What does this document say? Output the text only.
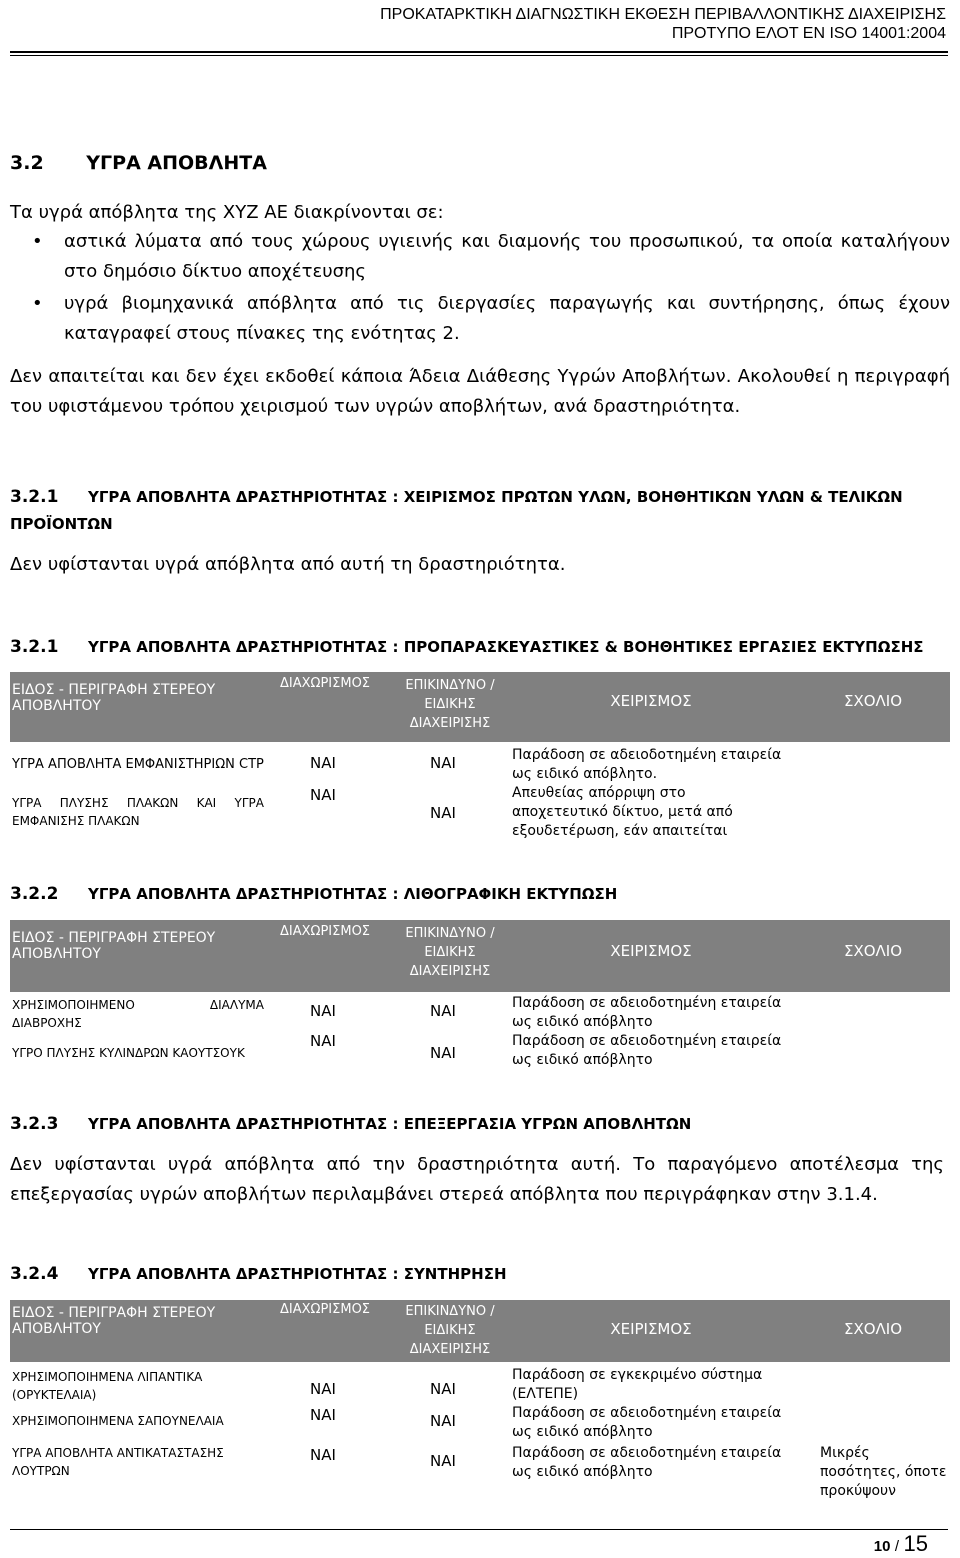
ΠΡΟΚΑΤΑΡΚΤΙΚΗ ΔΙΑΓΝΩΣΤΙΚΗ ΕΚΘΕΣΗ ΠΕΡΙΒΑΛΛΟΝΤΙΚΗΣ ΔΙΑΧΕΙΡΙΣΗΣ
ΠΡΟΤΥΠΟ ΕΛΟΤ ΕΝ ISO 14001:2004
3.2 ΥΓΡΑ ΑΠΟΒΛΗΤΑ
Τα υγρά απόβλητα της ΧΥΖ ΑΕ διακρίνονται σε:
• αστικά λύματα από τους χώρους υγιεινής και διαμονής του προσωπικού, τα οποία καταλήγουν στο δημόσιο δίκτυο αποχέτευσης
• υγρά βιομηχανικά απόβλητα από τις διεργασίες παραγωγής και συντήρησης, όπως έχουν καταγραφεί στους πίνακες της ενότητας 2.
Δεν απαιτείται και δεν έχει εκδοθεί κάποια Άδεια Διάθεσης Υγρών Αποβλήτων. Ακολουθεί η περιγραφή του υφιστάμενου τρόπου χειρισμού των υγρών αποβλήτων, ανά δραστηριότητα.
3.2.1 ΥΓΡΑ ΑΠΟΒΛΗΤΑ ΔΡΑΣΤΗΡΙΟΤΗΤΑΣ : ΧΕΙΡΙΣΜΟΣ ΠΡΩΤΩΝ ΥΛΩΝ, ΒΟΗΘΗΤΙΚΩΝ ΥΛΩΝ & ΤΕΛΙΚΩΝ ΠΡΟΪΟΝΤΩΝ
Δεν υφίστανται υγρά απόβλητα από αυτή τη δραστηριότητα.
3.2.1 ΥΓΡΑ ΑΠΟΒΛΗΤΑ ΔΡΑΣΤΗΡΙΟΤΗΤΑΣ : ΠΡΟΠΑΡΑΣΚΕΥΑΣΤΙΚΕΣ & ΒΟΗΘΗΤΙΚΕΣ ΕΡΓΑΣΙΕΣ ΕΚΤΥΠΩΣΗΣ
ΕΙΔΟΣ - ΠΕΡΙΓΡΑΦΗ ΣΤΕΡΕΟΥ ΑΠΟΒΛΗΤΟΥ	ΔΙΑΧΩΡΙΣΜΟΣ	ΕΠΙΚΙΝΔΥΝΟ / ΕΙΔΙΚΗΣ ΔΙΑΧΕΙΡΙΣΗΣ	ΧΕΙΡΙΣΜΟΣ	ΣΧΟΛΙΟ
ΥΓΡΑ ΑΠΟΒΛΗΤΑ ΕΜΦΑΝΙΣΤΗΡΙΩΝ CTP	ΝΑΙ	ΝΑΙ	Παράδοση σε αδειοδοτημένη εταιρεία ως ειδικό απόβλητο.	
ΥΓΡΑ ΠΛΥΣΗΣ ΠΛΑΚΩΝ ΚΑΙ ΥΓΡΑ ΕΜΦΑΝΙΣΗΣ ΠΛΑΚΩΝ	ΝΑΙ	ΝΑΙ	Απευθείας απόρριψη στο αποχετευτικό δίκτυο, μετά από εξουδετέρωση, εάν απαιτείται	
3.2.2 ΥΓΡΑ ΑΠΟΒΛΗΤΑ ΔΡΑΣΤΗΡΙΟΤΗΤΑΣ : ΛΙΘΟΓΡΑΦΙΚΗ ΕΚΤΥΠΩΣΗ
ΕΙΔΟΣ - ΠΕΡΙΓΡΑΦΗ ΣΤΕΡΕΟΥ ΑΠΟΒΛΗΤΟΥ	ΔΙΑΧΩΡΙΣΜΟΣ	ΕΠΙΚΙΝΔΥΝΟ / ΕΙΔΙΚΗΣ ΔΙΑΧΕΙΡΙΣΗΣ	ΧΕΙΡΙΣΜΟΣ	ΣΧΟΛΙΟ
ΧΡΗΣΙΜΟΠΟΙΗΜΕΝΟ ΔΙΑΛΥΜΑ ΔΙΑΒΡΟΧΗΣ	ΝΑΙ	ΝΑΙ	Παράδοση σε αδειοδοτημένη εταιρεία ως ειδικό απόβλητο	
ΥΓΡΟ ΠΛΥΣΗΣ ΚΥΛΙΝΔΡΩΝ ΚΑΟΥΤΣΟΥΚ	ΝΑΙ	ΝΑΙ	Παράδοση σε αδειοδοτημένη εταιρεία ως ειδικό απόβλητο	
3.2.3 ΥΓΡΑ ΑΠΟΒΛΗΤΑ ΔΡΑΣΤΗΡΙΟΤΗΤΑΣ : ΕΠΕΞΕΡΓΑΣΙΑ ΥΓΡΩΝ ΑΠΟΒΛΗΤΩΝ
Δεν υφίστανται υγρά απόβλητα από την δραστηριότητα αυτή. Το παραγόμενο αποτέλεσμα της επεξεργασίας υγρών αποβλήτων περιλαμβάνει στερεά απόβλητα που περιγράφηκαν στην 3.1.4.
3.2.4 ΥΓΡΑ ΑΠΟΒΛΗΤΑ ΔΡΑΣΤΗΡΙΟΤΗΤΑΣ : ΣΥΝΤΗΡΗΣΗ
ΕΙΔΟΣ - ΠΕΡΙΓΡΑΦΗ ΣΤΕΡΕΟΥ ΑΠΟΒΛΗΤΟΥ	ΔΙΑΧΩΡΙΣΜΟΣ	ΕΠΙΚΙΝΔΥΝΟ / ΕΙΔΙΚΗΣ ΔΙΑΧΕΙΡΙΣΗΣ	ΧΕΙΡΙΣΜΟΣ	ΣΧΟΛΙΟ
ΧΡΗΣΙΜΟΠΟΙΗΜΕΝΑ ΛΙΠΑΝΤΙΚΑ (ΟΡΥΚΤΕΛΑΙΑ)	ΝΑΙ	ΝΑΙ	Παράδοση σε εγκεκριμένο σύστημα (ΕΛΤΕΠΕ)	
ΧΡΗΣΙΜΟΠΟΙΗΜΕΝΑ ΣΑΠΟΥΝΕΛΑΙΑ	ΝΑΙ	ΝΑΙ	Παράδοση σε αδειοδοτημένη εταιρεία ως ειδικό απόβλητο	
ΥΓΡΑ ΑΠΟΒΛΗΤΑ ΑΝΤΙΚΑΤΑΣΤΑΣΗΣ ΛΟΥΤΡΩΝ	ΝΑΙ	ΝΑΙ	Παράδοση σε αδειοδοτημένη εταιρεία ως ειδικό απόβλητο	Μικρές ποσότητες, όποτε προκύψουν
10 / 15
